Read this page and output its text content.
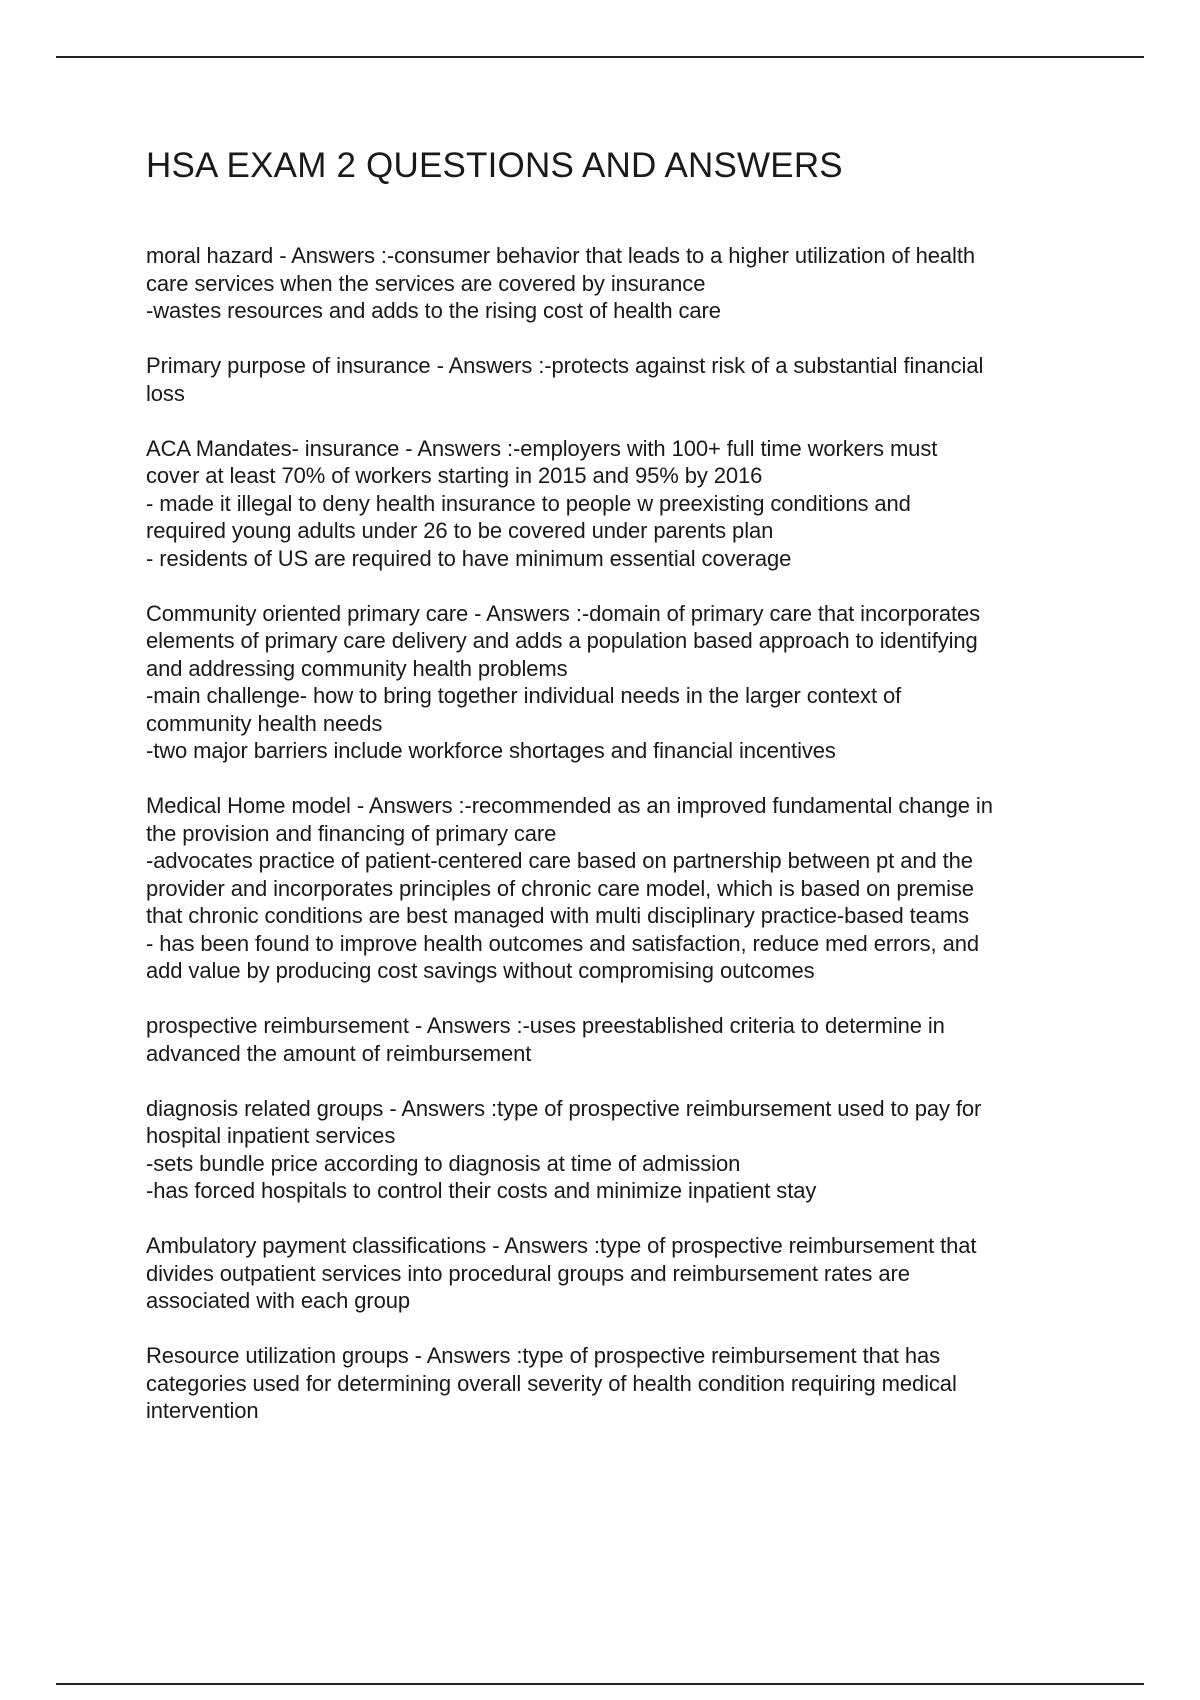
HSA EXAM 2 QUESTIONS AND ANSWERS
moral hazard - Answers :-consumer behavior that leads to a higher utilization of health
care services when the services are covered by insurance
-wastes resources and adds to the rising cost of health care
Primary purpose of insurance - Answers :-protects against risk of a substantial financial
loss
ACA Mandates- insurance - Answers :-employers with 100+ full time workers must
cover at least 70% of workers starting in 2015 and 95% by 2016
- made it illegal to deny health insurance to people w preexisting conditions and
required young adults under 26 to be covered under parents plan
- residents of US are required to have minimum essential coverage
Community oriented primary care - Answers :-domain of primary care that incorporates
elements of primary care delivery and adds a population based approach to identifying
and addressing community health problems
-main challenge- how to bring together individual needs in the larger context of
community health needs
-two major barriers include workforce shortages and financial incentives
Medical Home model - Answers :-recommended as an improved fundamental change in
the provision and financing of primary care
-advocates practice of patient-centered care based on partnership between pt and the
provider and incorporates principles of chronic care model, which is based on premise
that chronic conditions are best managed with multi disciplinary practice-based teams
- has been found to improve health outcomes and satisfaction, reduce med errors, and
add value by producing cost savings without compromising outcomes
prospective reimbursement - Answers :-uses preestablished criteria to determine in
advanced the amount of reimbursement
diagnosis related groups - Answers :type of prospective reimbursement used to pay for
hospital inpatient services
-sets bundle price according to diagnosis at time of admission
-has forced hospitals to control their costs and minimize inpatient stay
Ambulatory payment classifications - Answers :type of prospective reimbursement that
divides outpatient services into procedural groups and reimbursement rates are
associated with each group
Resource utilization groups - Answers :type of prospective reimbursement that has
categories used for determining overall severity of health condition requiring medical
intervention
